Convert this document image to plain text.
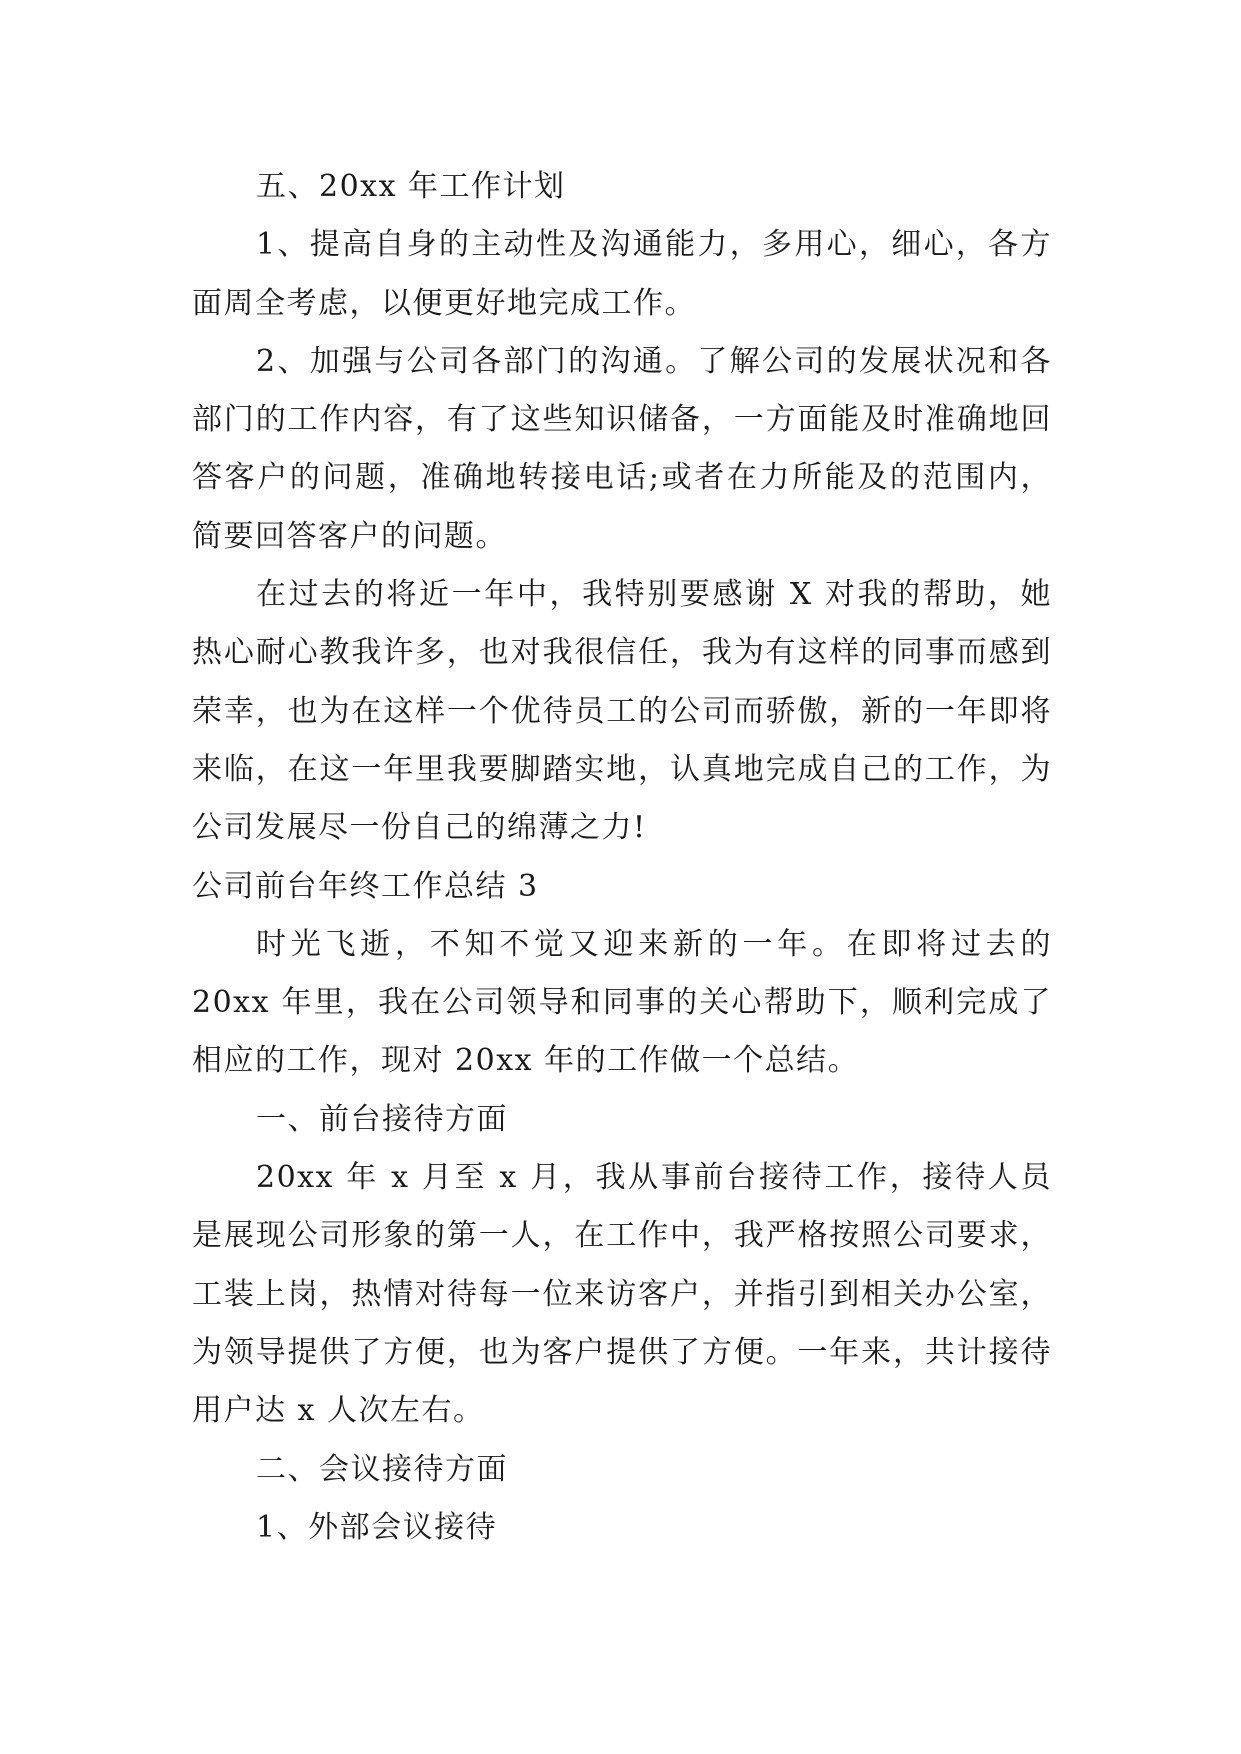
五、20xx 年工作计划

1、提高自身的主动性及沟通能力，多用心，细心，各方面周全考虑，以便更好地完成工作。

2、加强与公司各部门的沟通。了解公司的发展状况和各部门的工作内容，有了这些知识储备，一方面能及时准确地回答客户的问题，准确地转接电话;或者在力所能及的范围内，简要回答客户的问题。

在过去的将近一年中，我特别要感谢 X 对我的帮助，她热心耐心教我许多，也对我很信任，我为有这样的同事而感到荣幸，也为在这样一个优待员工的公司而骄傲，新的一年即将来临，在这一年里我要脚踏实地，认真地完成自己的工作，为公司发展尽一份自己的绵薄之力!

公司前台年终工作总结 3

时光飞逝，不知不觉又迎来新的一年。在即将过去的20xx 年里，我在公司领导和同事的关心帮助下，顺利完成了相应的工作，现对 20xx 年的工作做一个总结。

一、前台接待方面

20xx 年 x 月至 x 月，我从事前台接待工作，接待人员是展现公司形象的第一人，在工作中，我严格按照公司要求，工装上岗，热情对待每一位来访客户，并指引到相关办公室，为领导提供了方便，也为客户提供了方便。一年来，共计接待用户达 x 人次左右。

二、会议接待方面

1、外部会议接待
